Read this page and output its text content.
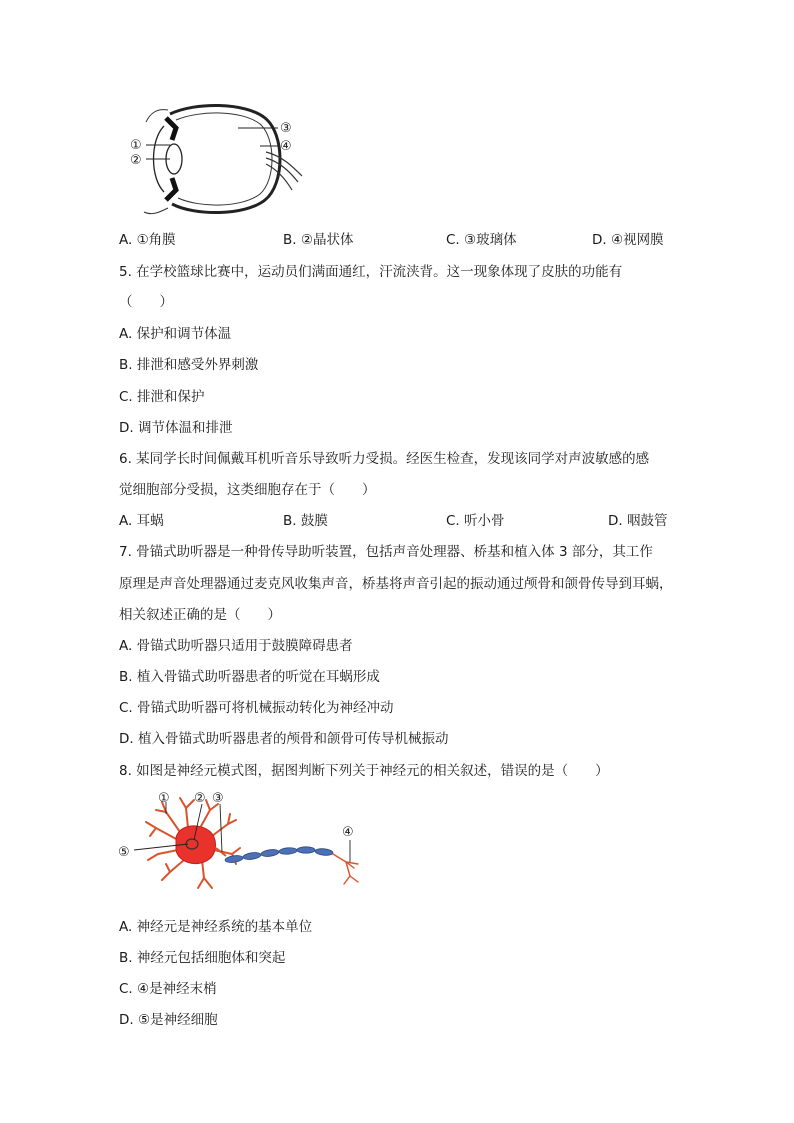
①
②
③
④
A. ①角膜	B. ②晶状体	C. ③玻璃体	D. ④视网膜
5. 在学校篮球比赛中，运动员们满面通红，汗流浃背。这一现象体现了皮肤的功能有
（　　）
A. 保护和调节体温
B. 排泄和感受外界刺激
C. 排泄和保护
D. 调节体温和排泄
6. 某同学长时间佩戴耳机听音乐导致听力受损。经医生检查，发现该同学对声波敏感的感
觉细胞部分受损，这类细胞存在于（　　）
A. 耳蜗	B. 鼓膜	C. 听小骨	D. 咽鼓管
7. 骨锚式助听器是一种骨传导助听装置，包括声音处理器、桥基和植入体 3 部分，其工作
原理是声音处理器通过麦克风收集声音，桥基将声音引起的振动通过颅骨和颌骨传导到耳蜗，
相关叙述正确的是（　　）
A. 骨锚式助听器只适用于鼓膜障碍患者
B. 植入骨锚式助听器患者的听觉在耳蜗形成
C. 骨锚式助听器可将机械振动转化为神经冲动
D. 植入骨锚式助听器患者的颅骨和颌骨可传导机械振动
8. 如图是神经元模式图，据图判断下列关于神经元的相关叙述，错误的是（　　）
① ② ③
④
⑤
A. 神经元是神经系统的基本单位
B. 神经元包括细胞体和突起
C. ④是神经末梢
D. ⑤是神经细胞
